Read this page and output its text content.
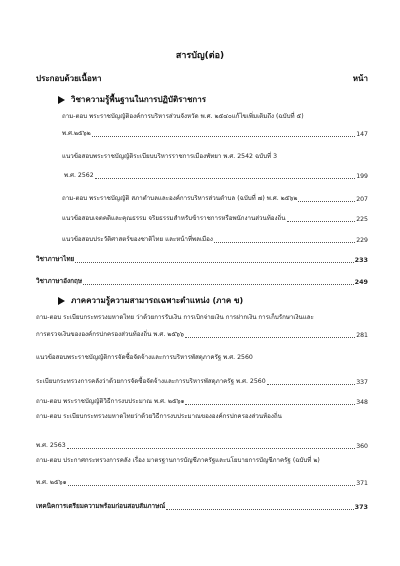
สารบัญ(ต่อ)
ประกอบด้วยเนื้อหา	หน้า
วิชาความรู้พื้นฐานในการปฏิบัติราชการ
ถาม-ตอบ พระราชบัญญัติองค์การบริหารส่วนจังหวัด พ.ศ. ๒๕๔๐แก้ไขเพิ่มเติมถึง (ฉบับที่ ๕)
พ.ศ.๒๕๖๒	147
แนวข้อสอบพระราชบัญญัติระเบียบบริหารราชการเมืองพัทยา พ.ศ. 2542 ฉบับที่ 3
พ.ศ. 2562	199
ถาม-ตอบ พระราชบัญญัติ สภาตำบลและองค์การบริหารส่วนตำบล (ฉบับที่ ๗) พ.ศ. ๒๕๖๒	207
แนวข้อสอบเจตคติและคุณธรรม จริยธรรมสำหรับข้าราชการหรือพนักงานส่วนท้องถิ่น	225
แนวข้อสอบประวัติศาสตร์ของชาติไทย และหน้าที่พลเมือง	229
วิชาภาษาไทย	233
วิชาภาษาอังกฤษ	249
ภาคความรู้ความสามารถเฉพาะตำแหน่ง (ภาค ข)
ถาม-ตอบ ระเบียบกระทรวงมหาดไทย ว่าด้วยการรับเงิน การเบิกจ่ายเงิน การฝากเงิน การเก็บรักษาเงินและ
การตรวจเงินขององค์กรปกครองส่วนท้องถิ่น พ.ศ. ๒๕๖๖	281
แนวข้อสอบพระราชบัญญัติการจัดซื้อจัดจ้างและการบริหารพัสดุภาครัฐ พ.ศ. 2560
ระเบียบกระทรวงการคลังว่าด้วยการจัดซื้อจัดจ้างและการบริหารพัสดุภาครัฐ พ.ศ. 2560	337
ถาม-ตอบ พระราชบัญญัติวิธีการงบประมาณ พ.ศ. ๒๕๖๑	348
ถาม-ตอบ ระเบียบกระทรวงมหาดไทยว่าด้วยวิธีการงบประมาณขององค์กรปกครองส่วนท้องถิ่น
พ.ศ. 2563	360
ถาม-ตอบ ประกาศกระทรวงการคลัง เรื่อง มาตรฐานการบัญชีภาครัฐและนโยบายการบัญชีภาครัฐ (ฉบับที่ ๒)
พ.ศ. ๒๕๖๑	371
เทคนิคการเตรียมความพร้อมก่อนสอบสัมภาษณ์	373
